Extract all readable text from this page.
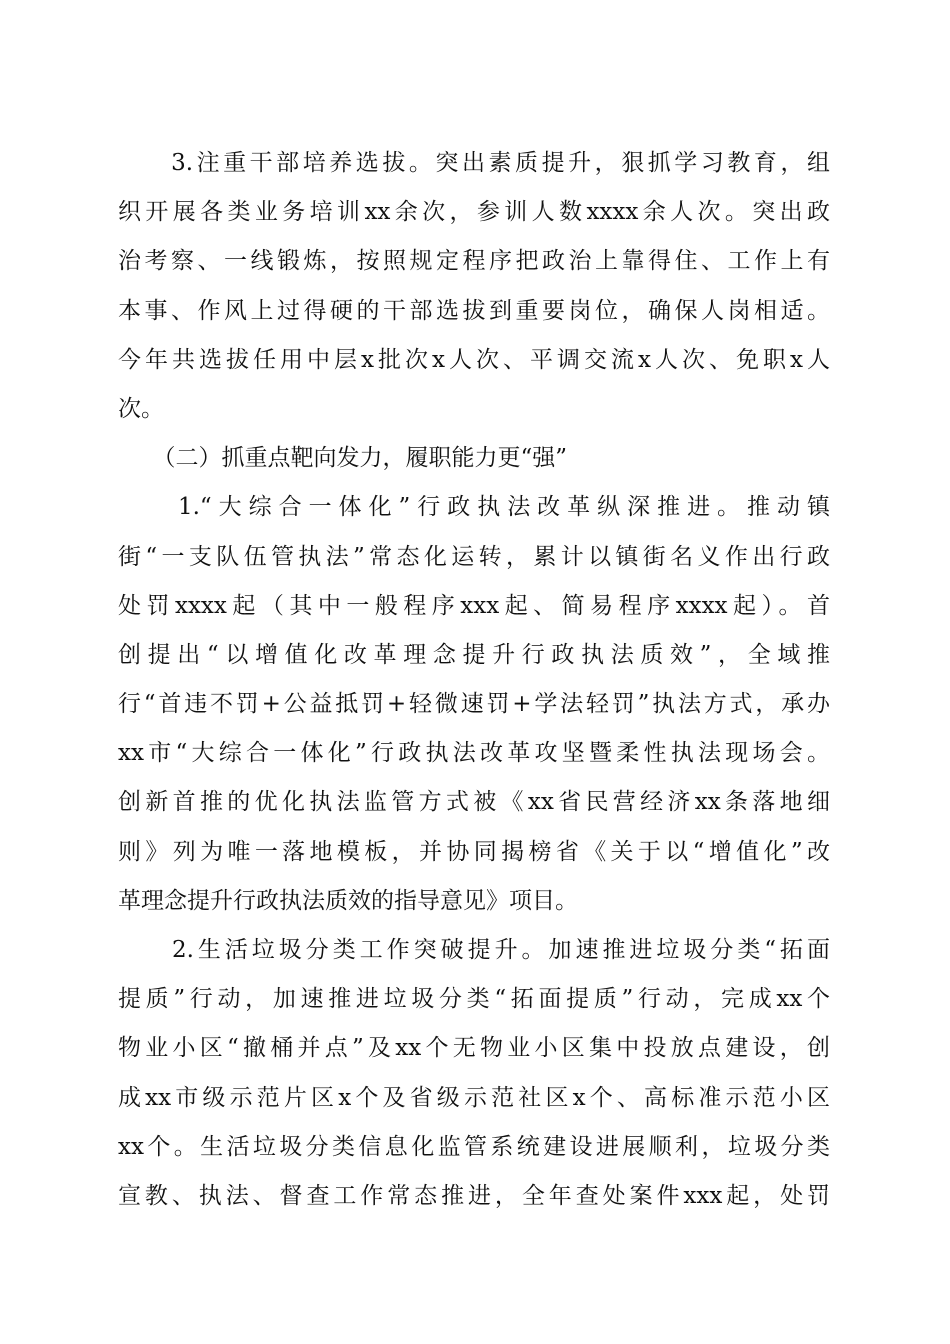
　　3.注重干部培养选拔。突出素质提升，狠抓学习教育，组
织开展各类业务培训xx余次，参训人数xxxx余人次。突出政
治考察、一线锻炼，按照规定程序把政治上靠得住、工作上有
本事、作风上过得硬的干部选拔到重要岗位，确保人岗相适。
今年共选拔任用中层x批次x人次、平调交流x人次、免职x人
次。
　　（二）抓重点靶向发力，履职能力更“强”
　　1.“大综合一体化”行政执法改革纵深推进。推动镇
街“一支队伍管执法”常态化运转，累计以镇街名义作出行政
处罚xxxx起（其中一般程序xxx起、简易程序xxxx起）。首
创提出“以增值化改革理念提升行政执法质效”，全域推
行“首违不罚+公益抵罚+轻微速罚+学法轻罚”执法方式，承办
xx市“大综合一体化”行政执法改革攻坚暨柔性执法现场会。
创新首推的优化执法监管方式被《xx省民营经济xx条落地细
则》列为唯一落地模板，并协同揭榜省《关于以“增值化”改
革理念提升行政执法质效的指导意见》项目。
　　2.生活垃圾分类工作突破提升。加速推进垃圾分类“拓面
提质”行动，加速推进垃圾分类“拓面提质”行动，完成xx个
物业小区“撤桶并点”及xx个无物业小区集中投放点建设，创
成xx市级示范片区x个及省级示范社区x个、高标准示范小区
xx个。生活垃圾分类信息化监管系统建设进展顺利，垃圾分类
宣教、执法、督查工作常态推进，全年查处案件xxx起，处罚
